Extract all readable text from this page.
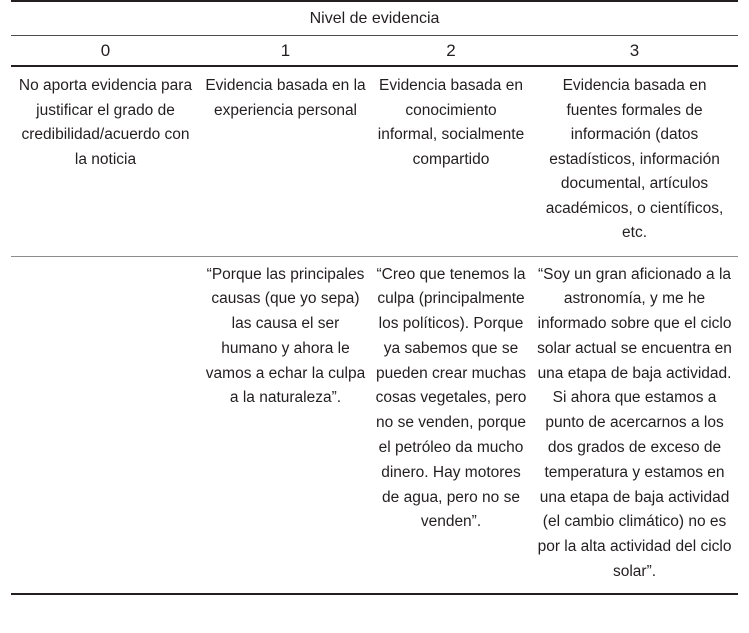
Nivel de evidencia			
0	1	2	3
No aporta evidencia para justificar el grado de credibilidad/acuerdo con la noticia	Evidencia basada en la experiencia personal	Evidencia basada en conocimiento informal, socialmente compartido	Evidencia basada en fuentes formales de información (datos estadísticos, información documental, artículos académicos, o científicos, etc.
	“Porque las principales causas (que yo sepa) las causa el ser humano y ahora le vamos a echar la culpa a la naturaleza”.	“Creo que tenemos la culpa (principalmente los políticos). Porque ya sabemos que se pueden crear muchas cosas vegetales, pero no se venden, porque el petróleo da mucho dinero. Hay motores de agua, pero no se venden”.	“Soy un gran aficionado a la astronomía, y me he informado sobre que el ciclo solar actual se encuentra en una etapa de baja actividad. Si ahora que estamos a punto de acercarnos a los dos grados de exceso de temperatura y estamos en una etapa de baja actividad (el cambio climático) no es por la alta actividad del ciclo solar”.
